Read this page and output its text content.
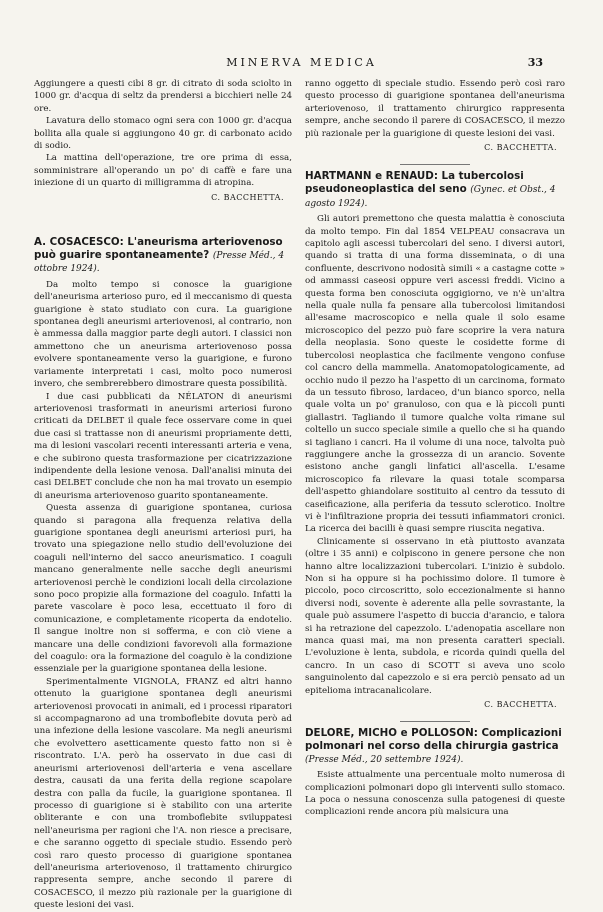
MINERVA MEDICA	33

Aggiungere a questi cibi 8 gr. di citrato di soda sciolto in 1000 gr. d'acqua di seltz da prendersi a bicchieri nelle 24 ore.

Lavatura dello stomaco ogni sera con 1000 gr. d'acqua bollita alla quale si aggiungono 40 gr. di carbonato acido di sodio.

La mattina dell'operazione, tre ore prima di essa, somministrare all'operando un po' di caffè e fare una iniezione di un quarto di milligramma di atropina.

C. BACCHETTA.
A. COSACESCO: L'aneurisma arteriovenoso può guarire spontaneamente? (Presse Méd., 4 ottobre 1924).

Da molto tempo si conosce la guarigione dell'aneurisma arterioso puro, ed il meccanismo di questa guarigione è stato studiato con cura. La guarigione spontanea degli aneurismi arteriovenosi, al contrario, non è ammessa dalla maggior parte degli autori. I classici non ammettono che un aneurisma arteriovenoso possa evolvere spontaneamente verso la guarigione, e furono variamente interpretati i casi, molto poco numerosi invero, che sembrerebbero dimostrare questa possibilità.

I due casi pubblicati da NÉLATON di aneurismi arteriovenosi trasformati in aneurismi arteriosi furono criticati da DELBET il quale fece osservare come in quei due casi si trattasse non di aneurismi propriamente detti, ma di lesioni vascolari recenti interessanti arteria e vena, e che subirono questa trasformazione per cicatrizzazione indipendente della lesione venosa. Dall'analisi minuta dei casi DELBET conclude che non ha mai trovato un esempio di aneurisma arteriovenoso guarito spontaneamente.

Questa assenza di guarigione spontanea, curiosa quando si paragona alla frequenza relativa della guarigione spontanea degli aneurismi arteriosi puri, ha trovato una spiegazione nello studio dell'evoluzione dei coaguli nell'interno del sacco aneurismatico. I coaguli mancano generalmente nelle sacche degli aneurismi arteriovenosi perchè le condizioni locali della circolazione sono poco propizie alla formazione del coagulo. Infatti la parete vascolare è poco lesa, eccettuato il foro di comunicazione, e completamente ricoperta da endotelio. Il sangue inoltre non si sofferma, e con ciò viene a mancare una delle condizioni favorevoli alla formazione del coagulo: ora la formazione del coagulo è la condizione essenziale per la guarigione spontanea della lesione.

Sperimentalmente VIGNOLA, FRANZ ed altri hanno ottenuto la guarigione spontanea degli aneurismi arteriovenosi provocati in animali, ed i processi riparatori si accompagnarono ad una tromboflebite dovuta però ad una infezione della lesione vascolare. Ma negli aneurismi che evolvettero asetticamente questo fatto non si è riscontrato. L'A. però ha osservato in due casi di aneurismi arteriovenosi dell'arteria e vena ascellare destra, causati da una ferita della regione scapolare destra con palla da fucile, la guarigione spontanea. Il processo di guarigione si è stabilito con una arterite obliterante e con una tromboflebite sviluppatesi nell'aneurisma per ragioni che l'A. non riesce a precisare, e che saranno oggetto di speciale studio. Essendo però così raro questo processo di guarigione spontanea dell'aneurisma arteriovenoso, il trattamento chirurgico rappresenta sempre, anche secondo il parere di COSACESCO, il mezzo più razionale per la guarigione di queste lesioni dei vasi.

ranno oggetto di speciale studio. Essendo però così raro questo processo di guarigione spontanea dell'aneurisma arteriovenoso, il trattamento chirurgico rappresenta sempre, anche secondo il parere di COSACESCO, il mezzo più razionale per la guarigione di queste lesioni dei vasi.

C. BACCHETTA.
HARTMANN e RENAUD: La tubercolosi pseudoneoplastica del seno (Gynec. et Obst., 4 agosto 1924).

Gli autori premettono che questa malattia è conosciuta da molto tempo. Fin dal 1854 VELPEAU consacrava un capitolo agli ascessi tubercolari del seno. I diversi autori, quando si tratta di una forma disseminata, o di una confluente, descrivono nodosità simili « a castagne cotte » od ammassi caseosi oppure veri ascessi freddi. Vicino a questa forma ben conosciuta oggigiorno, ve n'è un'altra nella quale nulla fa pensare alla tubercolosi limitandosi all'esame macroscopico e nella quale il solo esame microscopico del pezzo può fare scoprire la vera natura della neoplasia. Sono queste le cosidette forme di tubercolosi neoplastica che facilmente vengono confuse col cancro della mammella. Anatomopatologicamente, ad occhio nudo il pezzo ha l'aspetto di un carcinoma, formato da un tessuto fibroso, lardaceo, d'un bianco sporco, nella quale volta un po' granuloso, con qua e là piccoli punti giallastri. Tagliando il tumore qualche volta rimane sul coltello un succo speciale simile a quello che si ha quando si tagliano i cancri. Ha il volume di una noce, talvolta può raggiungere anche la grossezza di un arancio. Sovente esistono anche gangli linfatici all'ascella. L'esame microscopico fa rilevare la quasi totale scomparsa dell'aspetto ghiandolare sostituito al centro da tessuto di caseificazione, alla periferia da tessuto sclerotico. Inoltre vi è l'infiltrazione propria dei tessuti infiammatori cronici. La ricerca dei bacilli è quasi sempre riuscita negativa.

Clinicamente si osservano in età piuttosto avanzata (oltre i 35 anni) e colpiscono in genere persone che non hanno altre localizzazioni tubercolari. L'inizio è subdolo. Non si ha oppure si ha pochissimo dolore. Il tumore è piccolo, poco circoscritto, solo eccezionalmente si hanno diversi nodi, sovente è aderente alla pelle sovrastante, la quale può assumere l'aspetto di buccia d'arancio, e talora si ha retrazione del capezzolo. L'adenopatia ascellare non manca quasi mai, ma non presenta caratteri speciali. L'evoluzione è lenta, subdola, e ricorda quindi quella del cancro. In un caso di SCOTT si aveva uno scolo sanguinolento dal capezzolo e si era perciò pensato ad un epitelioma intracanalicolare.

C. BACCHETTA.
DELORE, MICHO e POLLOSON: Complicazioni polmonari nel corso della chirurgia gastrica (Presse Méd., 20 settembre 1924).

Esiste attualmente una percentuale molto numerosa di complicazioni polmonari dopo gli interventi sullo stomaco. La poca o nessuna conoscenza sulla patogenesi di queste complicazioni rende ancora più malsicura una
